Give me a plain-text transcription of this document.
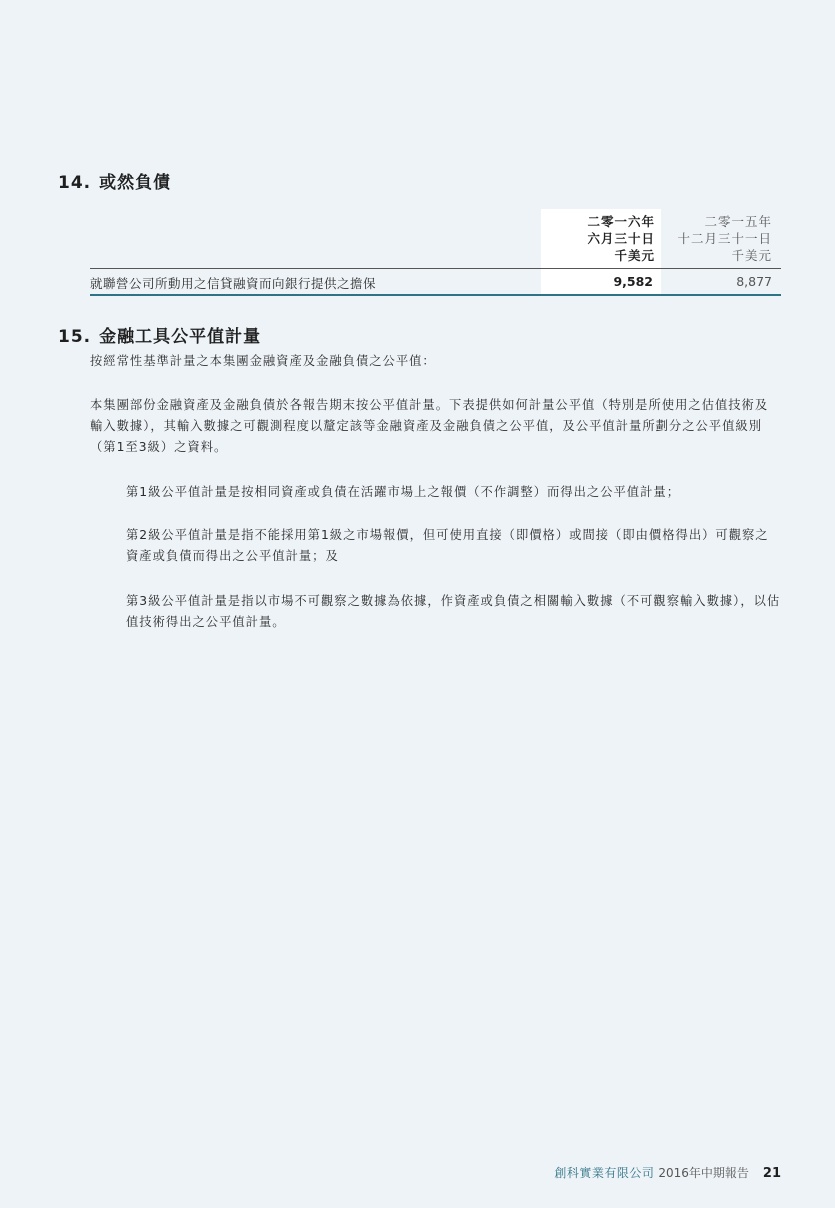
14. 或然負債
二零一六年
六月三十日
千美元
二零一五年
十二月三十一日
千美元
就聯營公司所動用之信貸融資而向銀行提供之擔保	9,582	8,877
15. 金融工具公平值計量
按經常性基準計量之本集團金融資產及金融負債之公平值：
本集團部份金融資產及金融負債於各報告期末按公平值計量。下表提供如何計量公平值（特別是所使用之估值技術及輸入數據），其輸入數據之可觀測程度以釐定該等金融資產及金融負債之公平值，及公平值計量所劃分之公平值級別（第1至3級）之資料。
第1級公平值計量是按相同資產或負債在活躍市場上之報價（不作調整）而得出之公平值計量；
第2級公平值計量是指不能採用第1級之市場報價，但可使用直接（即價格）或間接（即由價格得出）可觀察之資產或負債而得出之公平值計量；及
第3級公平值計量是指以市場不可觀察之數據為依據，作資產或負債之相關輸入數據（不可觀察輸入數據），以估值技術得出之公平值計量。
創科實業有限公司 2016年中期報告 21
